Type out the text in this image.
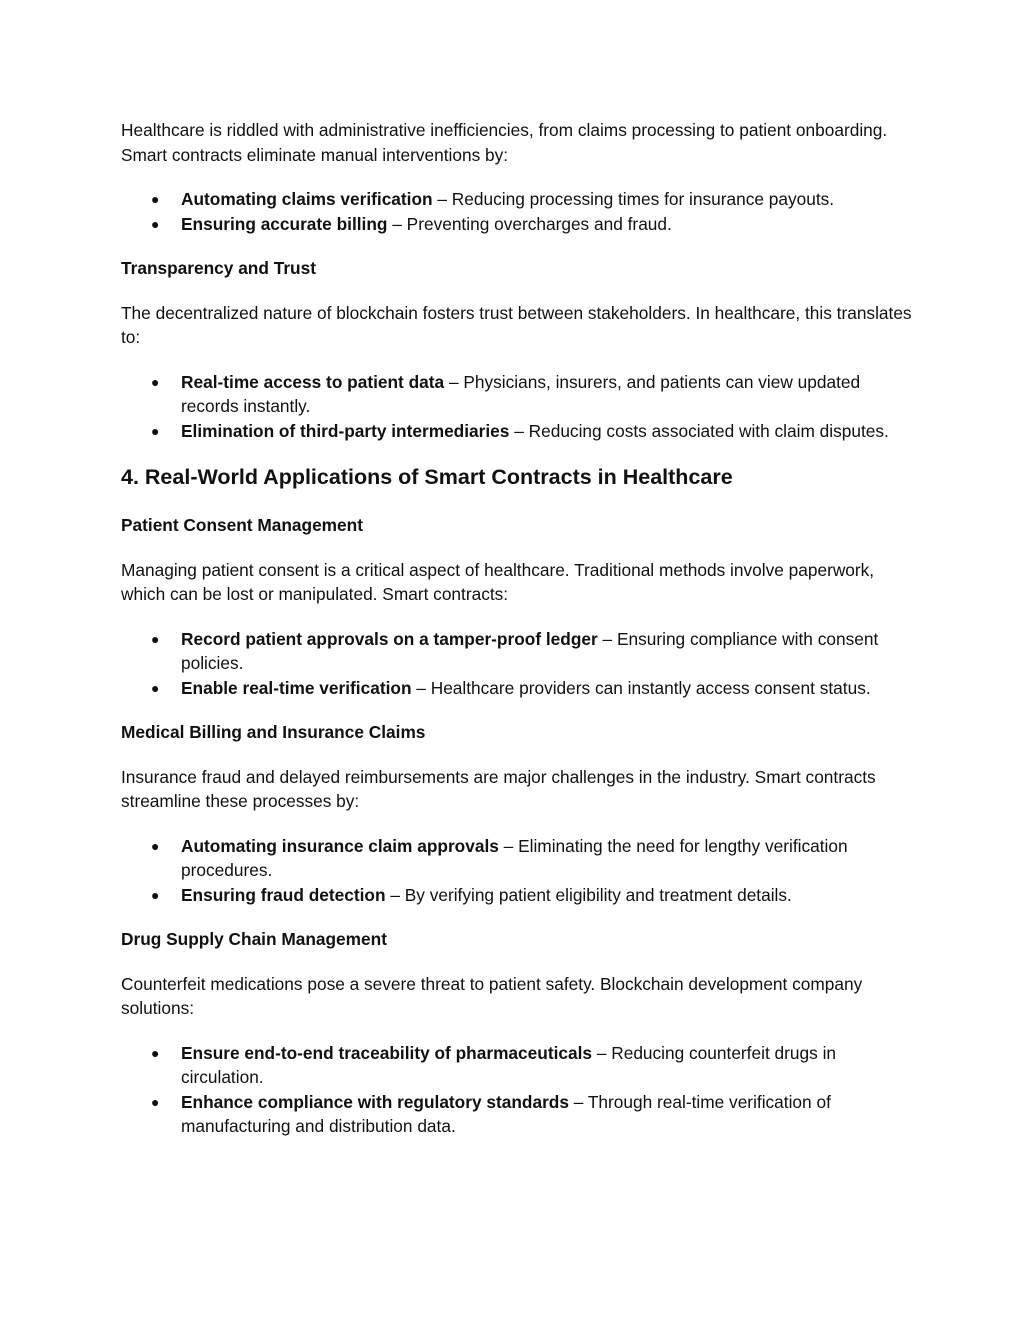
Healthcare is riddled with administrative inefficiencies, from claims processing to patient onboarding. Smart contracts eliminate manual interventions by:

● Automating claims verification – Reducing processing times for insurance payouts.
● Ensuring accurate billing – Preventing overcharges and fraud.

Transparency and Trust

The decentralized nature of blockchain fosters trust between stakeholders. In healthcare, this translates to:

● Real-time access to patient data – Physicians, insurers, and patients can view updated records instantly.
● Elimination of third-party intermediaries – Reducing costs associated with claim disputes.
4. Real-World Applications of Smart Contracts in Healthcare

Patient Consent Management

Managing patient consent is a critical aspect of healthcare. Traditional methods involve paperwork, which can be lost or manipulated. Smart contracts:

● Record patient approvals on a tamper-proof ledger – Ensuring compliance with consent policies.
● Enable real-time verification – Healthcare providers can instantly access consent status.

Medical Billing and Insurance Claims

Insurance fraud and delayed reimbursements are major challenges in the industry. Smart contracts streamline these processes by:

● Automating insurance claim approvals – Eliminating the need for lengthy verification procedures.
● Ensuring fraud detection – By verifying patient eligibility and treatment details.

Drug Supply Chain Management

Counterfeit medications pose a severe threat to patient safety. Blockchain development company solutions:

● Ensure end-to-end traceability of pharmaceuticals – Reducing counterfeit drugs in circulation.
● Enhance compliance with regulatory standards – Through real-time verification of manufacturing and distribution data.
